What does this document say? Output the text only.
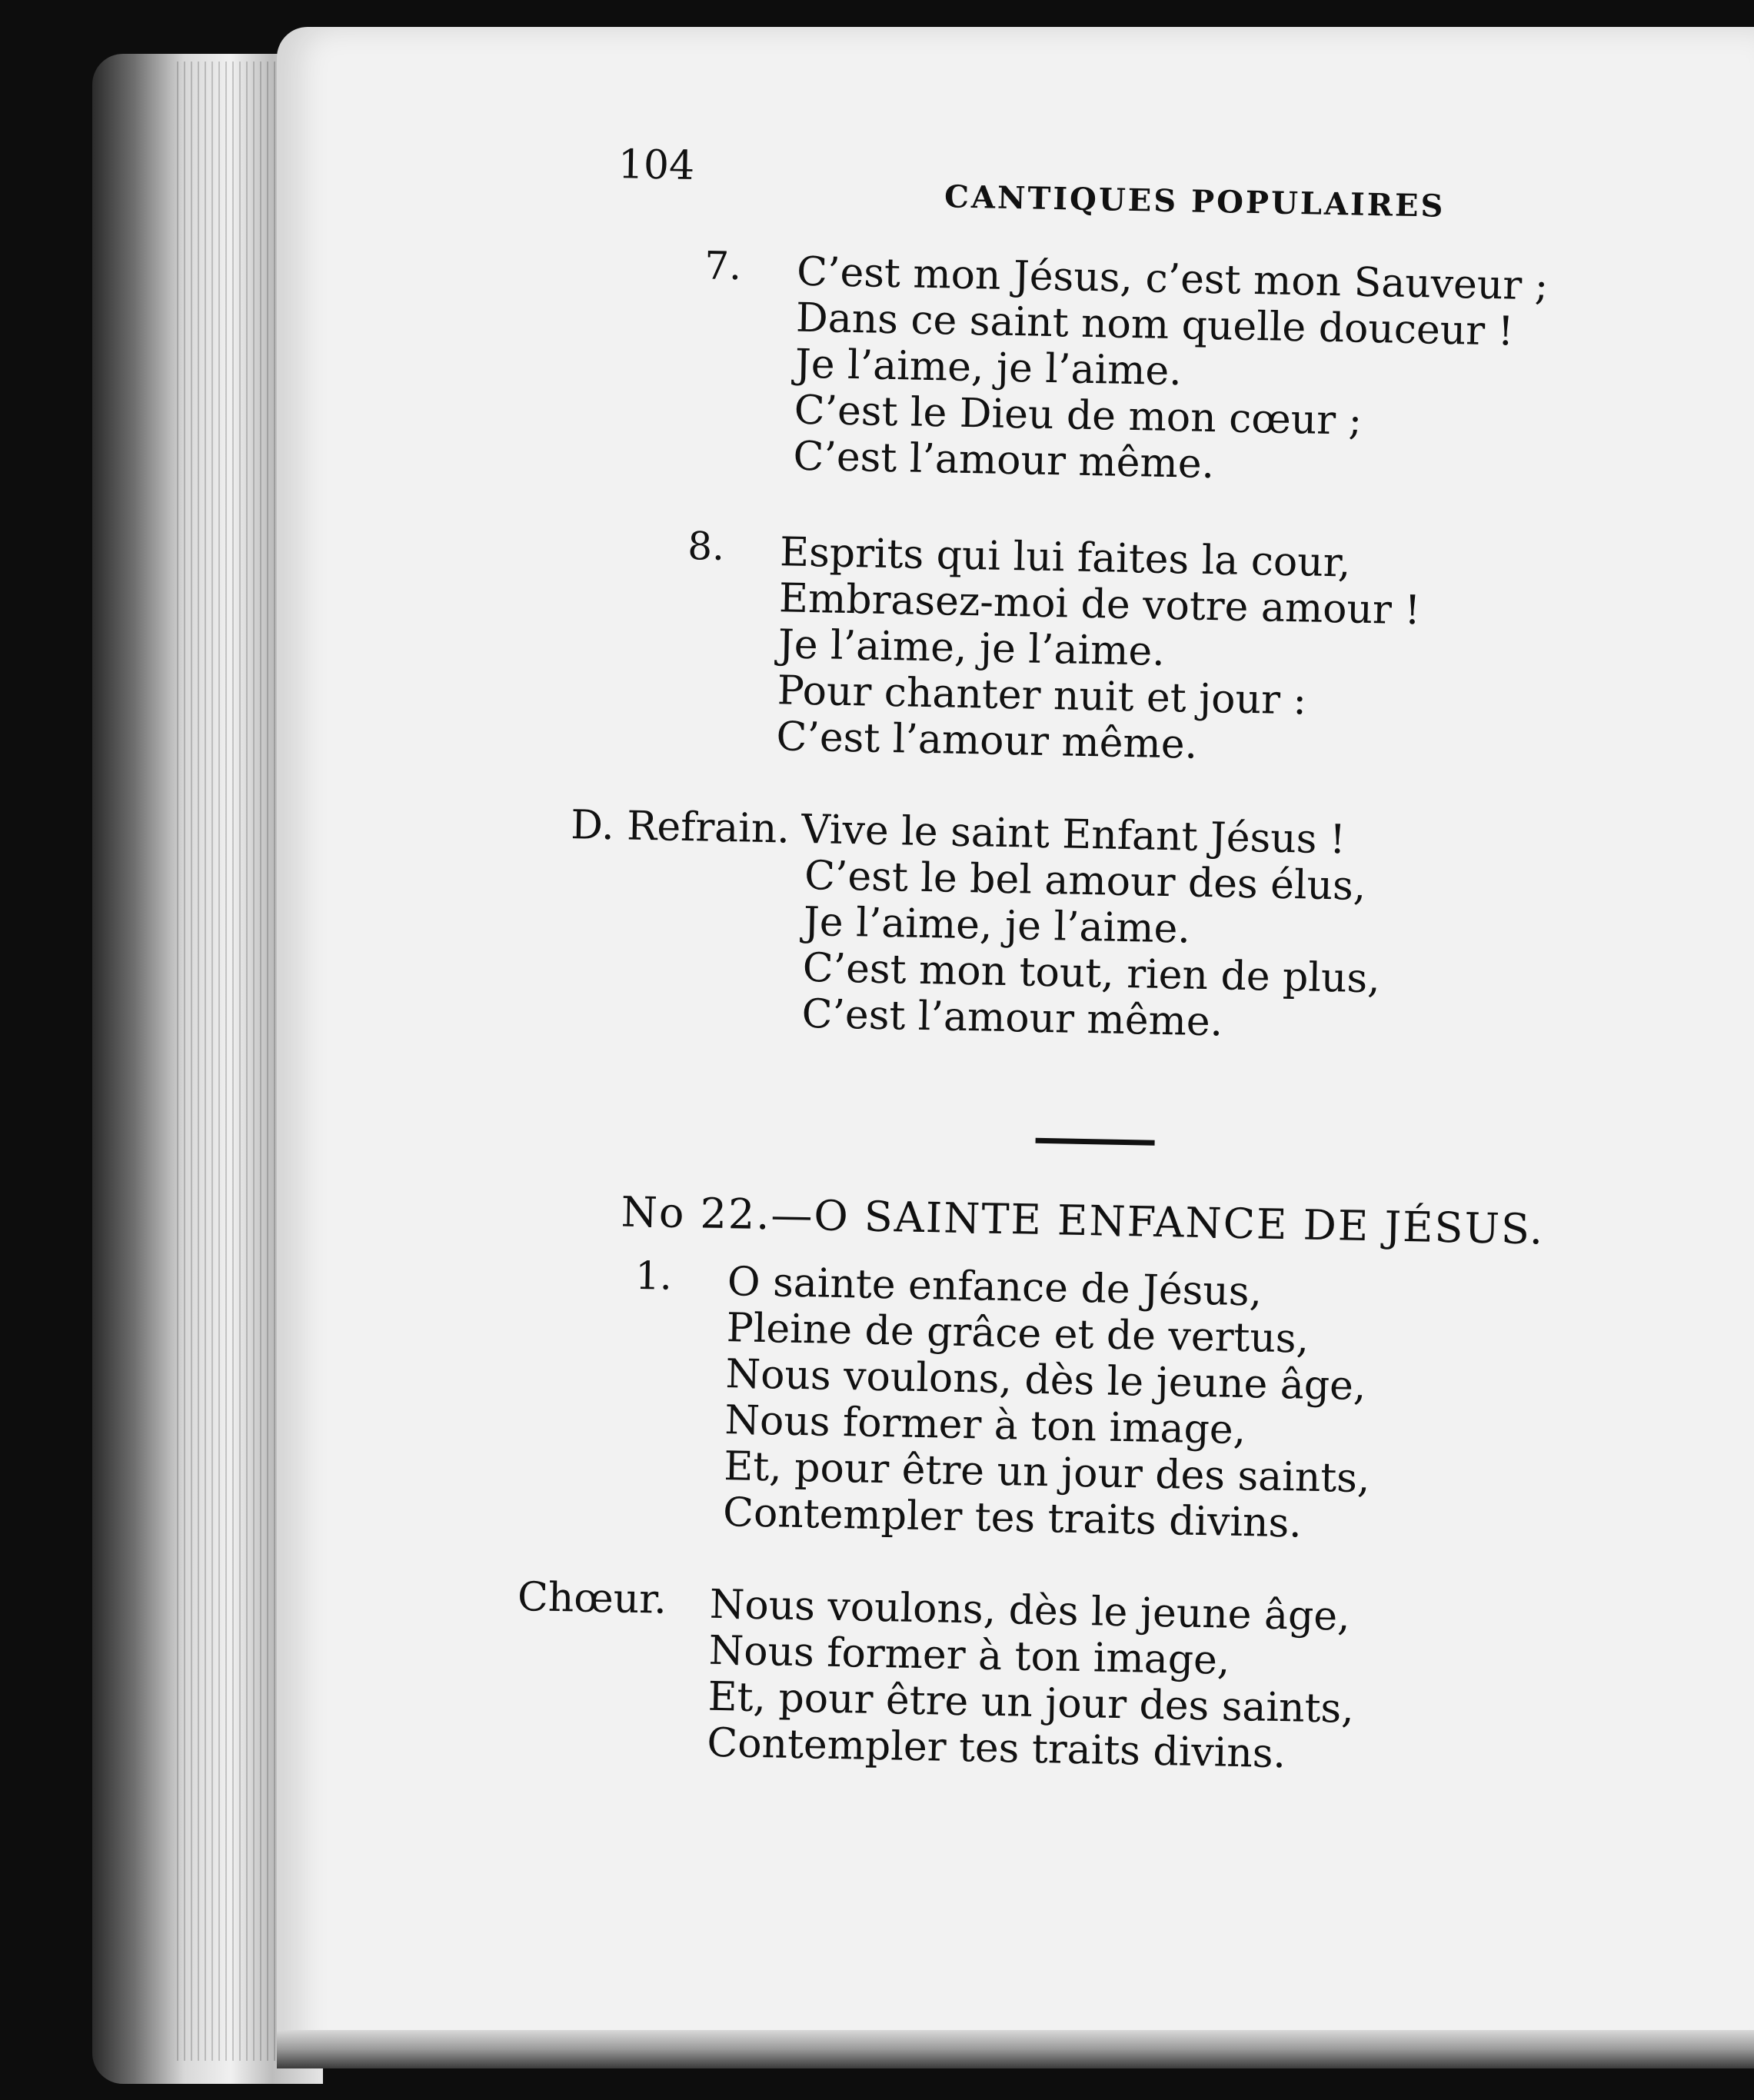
104
CANTIQUES POPULAIRES
7. C’est mon Jésus, c’est mon Sauveur ;
Dans ce saint nom quelle douceur !
Je l’aime, je l’aime.
C’est le Dieu de mon cœur ;
C’est l’amour même.
8. Esprits qui lui faites la cour,
Embrasez-moi de votre amour !
Je l’aime, je l’aime.
Pour chanter nuit et jour :
C’est l’amour même.
D. Refrain. Vive le saint Enfant Jésus !
C’est le bel amour des élus,
Je l’aime, je l’aime.
C’est mon tout, rien de plus,
C’est l’amour même.
No 22.—O SAINTE ENFANCE DE JÉSUS.
1. O sainte enfance de Jésus,
Pleine de grâce et de vertus,
Nous voulons, dès le jeune âge,
Nous former à ton image,
Et, pour être un jour des saints,
Contempler tes traits divins.
Chœur. Nous voulons, dès le jeune âge,
Nous former à ton image,
Et, pour être un jour des saints,
Contempler tes traits divins.
